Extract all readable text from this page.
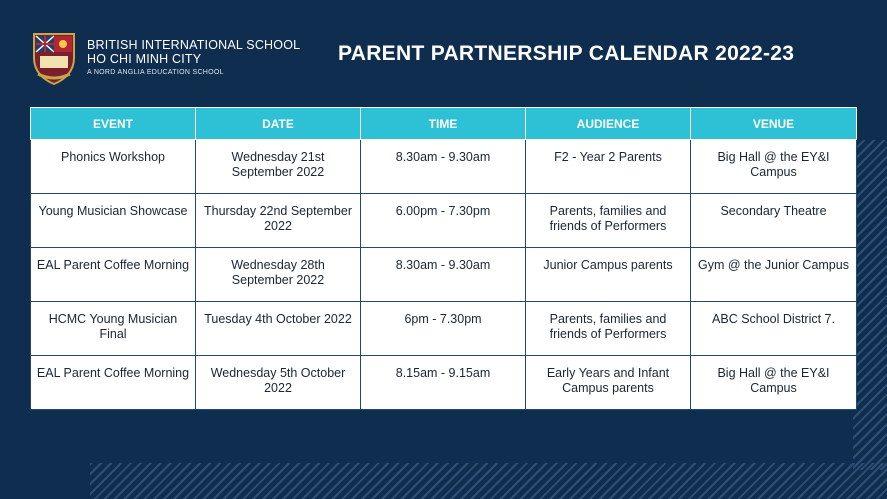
BRITISH INTERNATIONAL SCHOOL
HO CHI MINH CITY
A NORD ANGLIA EDUCATION SCHOOL
PARENT PARTNERSHIP CALENDAR 2022-23
EVENT	DATE	TIME	AUDIENCE	VENUE
Phonics Workshop	Wednesday 21st September 2022	8.30am - 9.30am	F2 - Year 2 Parents	Big Hall @ the EY&I Campus
Young Musician Showcase	Thursday 22nd September 2022	6.00pm - 7.30pm	Parents, families and friends of Performers	Secondary Theatre
EAL Parent Coffee Morning	Wednesday 28th September 2022	8.30am - 9.30am	Junior Campus parents	Gym @ the Junior Campus
HCMC Young Musician Final	Tuesday 4th October 2022	6pm - 7.30pm	Parents, families and friends of Performers	ABC School District 7.
EAL Parent Coffee Morning	Wednesday 5th October 2022	8.15am - 9.15am	Early Years and Infant Campus parents	Big Hall @ the EY&I Campus
